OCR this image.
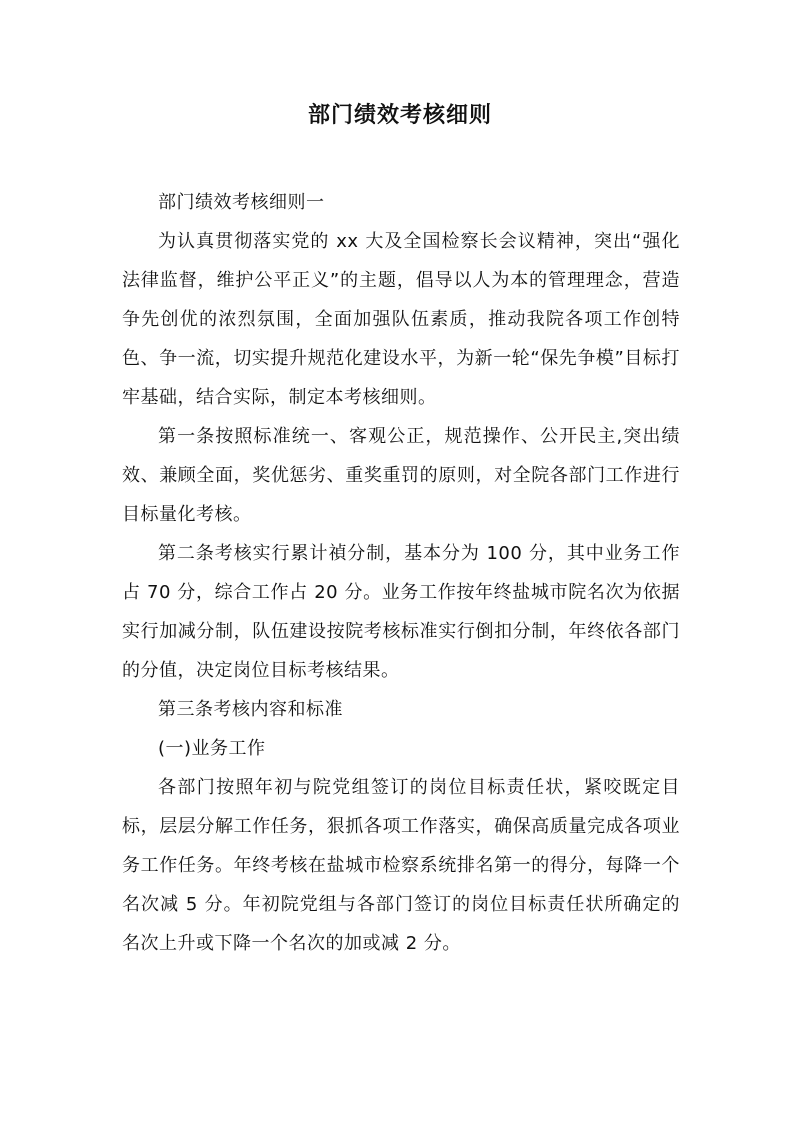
部门绩效考核细则

部门绩效考核细则一

为认真贯彻落实党的 xx 大及全国检察长会议精神，突出“强化法律监督，维护公平正义”的主题，倡导以人为本的管理理念，营造争先创优的浓烈氛围，全面加强队伍素质，推动我院各项工作创特色、争一流，切实提升规范化建设水平，为新一轮“保先争模”目标打牢基础，结合实际，制定本考核细则。

第一条按照标准统一、客观公正，规范操作、公开民主,突出绩效、兼顾全面，奖优惩劣、重奖重罚的原则，对全院各部门工作进行目标量化考核。

第二条考核实行累计禎分制，基本分为 100 分，其中业务工作占 70 分，综合工作占 20 分。业务工作按年终盐城市院名次为依据实行加减分制，队伍建设按院考核标准实行倒扣分制，年终依各部门的分值，决定岗位目标考核结果。

第三条考核内容和标准

(一)业务工作

各部门按照年初与院党组签订的岗位目标责任状，紧咬既定目标，层层分解工作任务，狠抓各项工作落实，确保高质量完成各项业务工作任务。年终考核在盐城市检察系统排名第一的得分，每降一个名次减 5 分。年初院党组与各部门签订的岗位目标责任状所确定的名次上升或下降一个名次的加或减 2 分。
